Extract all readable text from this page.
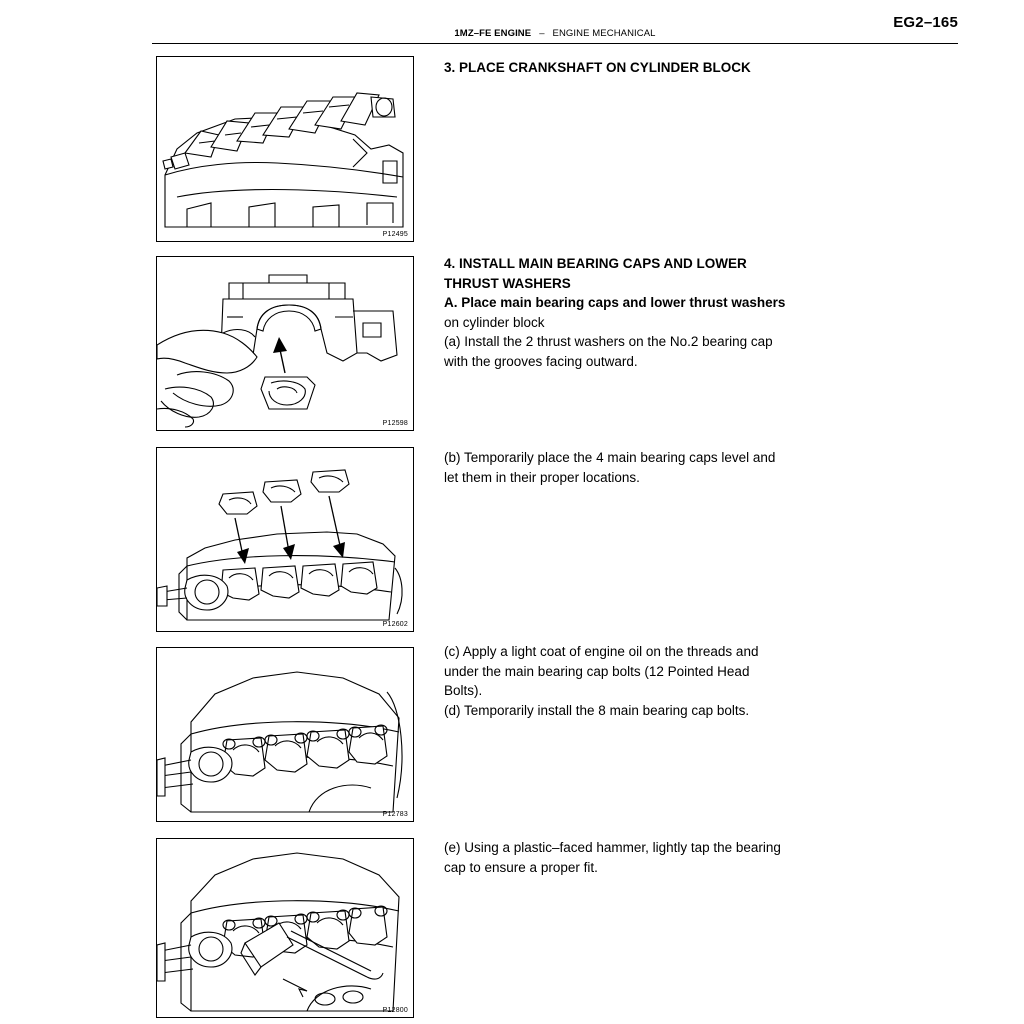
EG2–165
1MZ–FE ENGINE – ENGINE MECHANICAL
P12495

3. PLACE CRANKSHAFT ON CYLINDER BLOCK

P12598

4. INSTALL MAIN BEARING CAPS AND LOWER

THRUST WASHERS

A. Place main bearing caps and lower thrust washers

on cylinder block

(a) Install the 2 thrust washers on the No.2 bearing cap

with the grooves facing outward.

P12602

(b) Temporarily place the 4 main bearing caps level and

let them in their proper locations.

P12783

(c) Apply a light coat of engine oil on the threads and

under the main bearing cap bolts (12 Pointed Head

Bolts).

(d) Temporarily install the 8 main bearing cap bolts.

P12800

(e) Using a plastic–faced hammer, lightly tap the bearing

cap to ensure a proper fit.
